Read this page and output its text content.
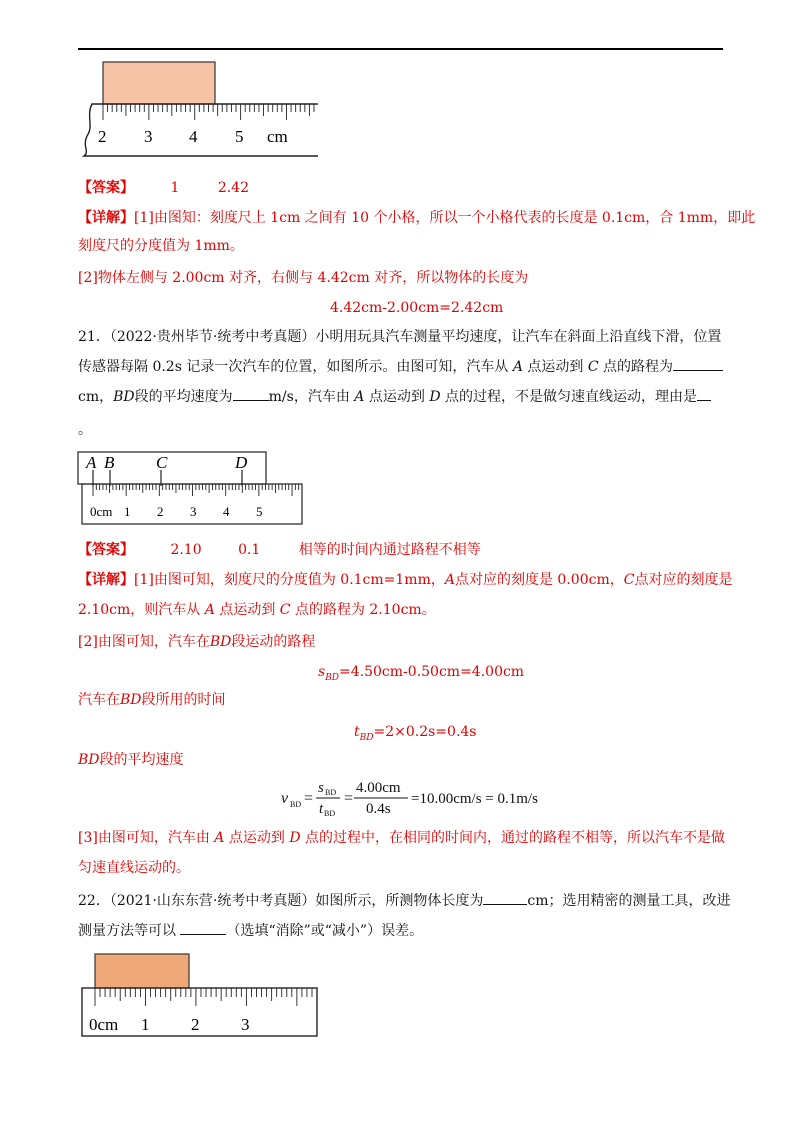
2 3 4 5 cm
【答案】	1	2.42
【详解】[1]由图知：刻度尺上 1cm 之间有 10 个小格，所以一个小格代表的长度是 0.1cm，合 1mm，即此
刻度尺的分度值为 1mm。
[2]物体左侧与 2.00cm 对齐，右侧与 4.42cm 对齐，所以物体的长度为
4.42cm-2.00cm=2.42cm
21．（2022·贵州毕节·统考中考真题）小明用玩具汽车测量平均速度，让汽车在斜面上沿直线下滑，位置
传感器每隔 0.2s 记录一次汽车的位置，如图所示。由图可知，汽车从 A 点运动到 C 点的路程为
cm，BD段的平均速度为	m/s，汽车由 A 点运动到 D 点的过程，不是做匀速直线运动，理由是
。
A B C	D
0cm 1 2 3 4 5
【答案】	2.10	0.1	相等的时间内通过路程不相等
【详解】[1]由图可知，刻度尺的分度值为 0.1cm=1mm，A点对应的刻度是 0.00cm，C点对应的刻度是
2.10cm，则汽车从 A 点运动到 C 点的路程为 2.10cm。
[2]由图可知，汽车在BD段运动的路程
$s_{BD}=4.50cm-0.50cm=4.00cm$
汽车在BD段所用的时间
$t_{BD}=2\times 0.2s=0.4s$
BD段的平均速度
v BD =
s BD
t BD
=
4.00cm
0.4s
=10.00cm/s = 0.1m/s
[3]由图可知，汽车由 A 点运动到 D 点的过程中，在相同的时间内，通过的路程不相等，所以汽车不是做
匀速直线运动的。
22．（2021·山东东营·统考中考真题）如图所示，所测物体长度为	cm；选用精密的测量工具，改进
测量方法等可以	（选填“消除”或“减小”）误差。
0cm 1 2 3
